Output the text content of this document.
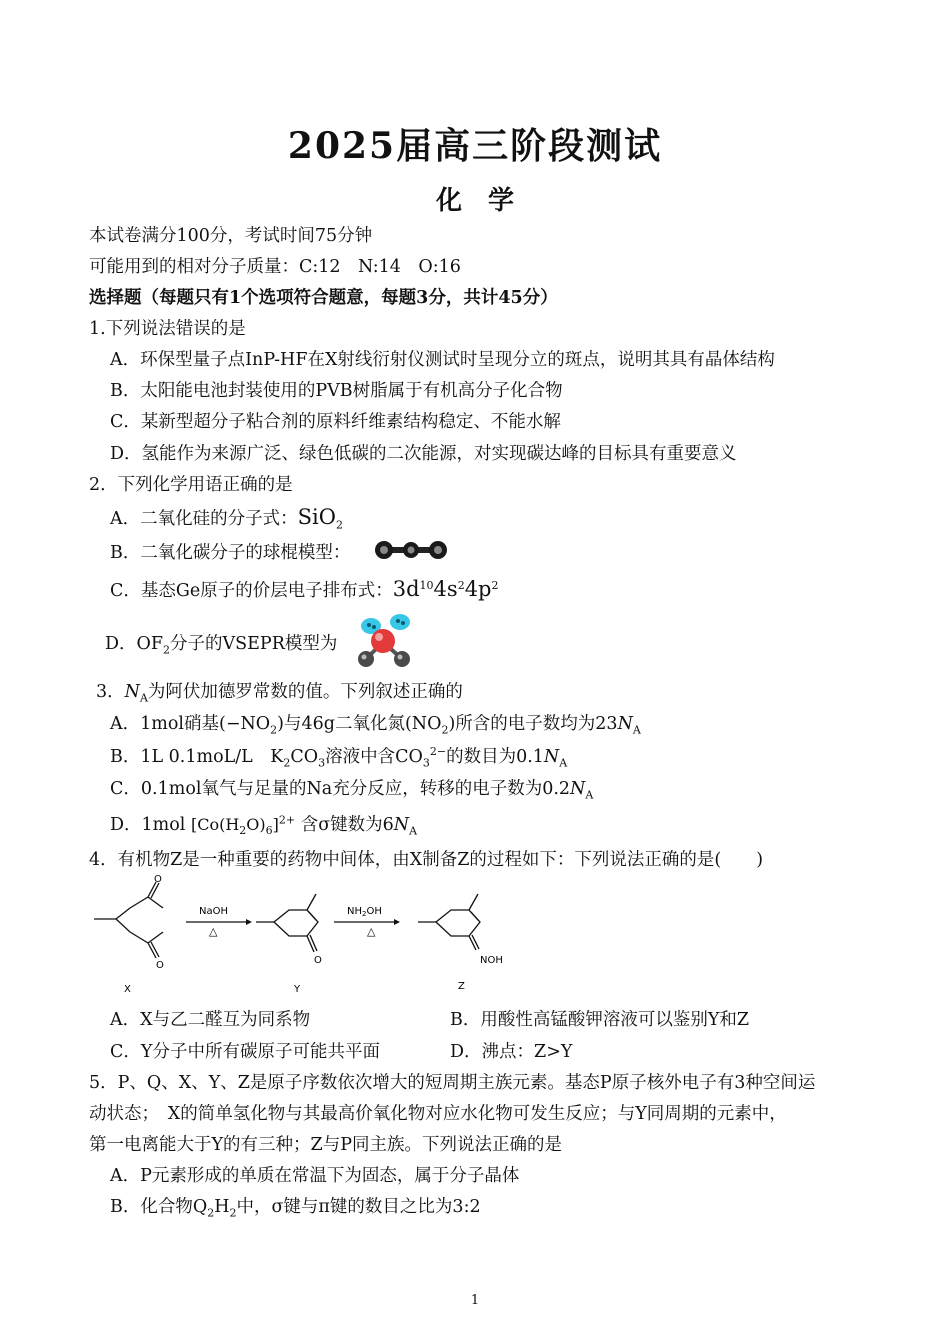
2025届高三阶段测试
化　学
本试卷满分100分，考试时间75分钟
可能用到的相对分子质量：C:12　N:14　O:16
选择题（每题只有1个选项符合题意，每题3分，共计45分）
1.下列说法错误的是
A．环保型量子点InP-HF在X射线衍射仪测试时呈现分立的斑点，说明其具有晶体结构
B．太阳能电池封装使用的PVB树脂属于有机高分子化合物
C．某新型超分子粘合剂的原料纤维素结构稳定、不能水解
D．氢能作为来源广泛、绿色低碳的二次能源，对实现碳达峰的目标具有重要意义
2．下列化学用语正确的是
A．二氧化硅的分子式：SiO$_2$
B．二氧化碳分子的球棍模型：
C．基态Ge原子的价层电子排布式：$3d^{10}4s^24p^2$
D．$OF_2$分子的VSEPR模型为
3．$N_A$为阿伏加德罗常数的值。下列叙述正确的
A．1mol硝基$(-NO_2)$与46g二氧化氮$(NO_2)$所含的电子数均为$23N_A$
B．1L 0.1moL/L　$K_2CO_3$溶液中含$CO_3^{2-}$的数目为$0.1N_A$
C．0.1mol氧气与足量的Na充分反应，转移的电子数为$0.2N_A$
D．1mol $[Co(H_2O)_6]^{2+}$ 含σ键数为$6N_A$
4．有机物Z是一种重要的药物中间体，由X制备Z的过程如下：下列说法正确的是(　　)
O
O
X
NaOH
△
O
Y
$NH_2OH$
△
NOH
Z
A．X与乙二醛互为同系物	B．用酸性高锰酸钾溶液可以鉴别Y和Z
C．Y分子中所有碳原子可能共平面	D．沸点：Z>Y
5．P、Q、X、Y、Z是原子序数依次增大的短周期主族元素。基态P原子核外电子有3种空间运
动状态；　X的简单氢化物与其最高价氧化物对应水化物可发生反应；与Y同周期的元素中，
第一电离能大于Y的有三种；Z与P同主族。下列说法正确的是
A．P元素形成的单质在常温下为固态，属于分子晶体
B．化合物$Q_2H_2$中，σ键与π键的数目之比为3:2
1
